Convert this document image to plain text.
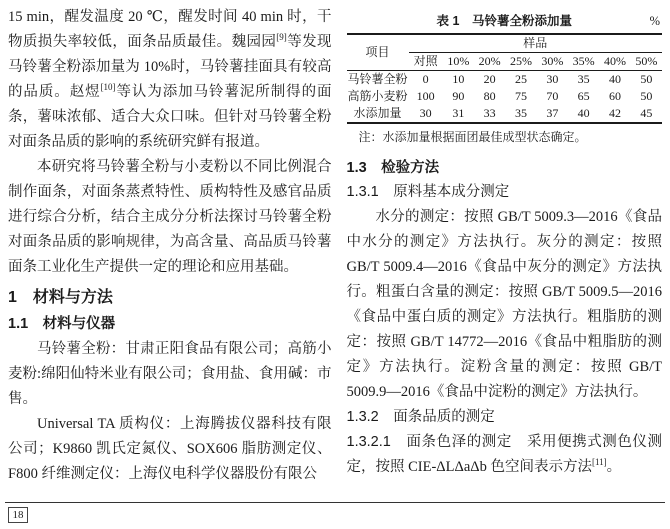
15 min，醒发温度 20 ℃，醒发时间 40 min 时，干物质损失率较低，面条品质最佳。魏园园[9]等发现马铃薯全粉添加量为 10%时，马铃薯挂面具有较高的品质。赵煜[10]等认为添加马铃薯泥所制得的面条，薯味浓郁、适合大众口味。但针对马铃薯全粉对面条品质的影响的系统研究鲜有报道。

本研究将马铃薯全粉与小麦粉以不同比例混合制作面条，对面条蒸煮特性、质构特性及感官品质进行综合分析，结合主成分分析法探讨马铃薯全粉对面条品质的影响规律，为高含量、高品质马铃薯面条工业化生产提供一定的理论和应用基础。

1　材料与方法
1.1　材料与仪器

马铃薯全粉：甘肃正阳食品有限公司；高筋小麦粉:绵阳仙特米业有限公司；食用盐、食用碱：市售。

Universal TA 质构仪：上海腾拔仪器科技有限公司；K9860 凯氏定氮仪、SOX606 脂肪测定仪、F800 纤维测定仪：上海仪电科学仪器股份有限公

表 1　马铃薯全粉添加量	%
项目	样品							
	对照	10%	20%	25%	30%	35%	40%	50%
马铃薯全粉	0	10	20	25	30	35	40	50
高筋小麦粉	100	90	80	75	70	65	60	50
水添加量	30	31	33	35	37	40	42	45
注：水添加量根据面团最佳成型状态确定。
1.3　检验方法
1.3.1　原料基本成分测定

水分的测定：按照 GB/T 5009.3—2016《食品中水分的测定》方法执行。灰分的测定：按照 GB/T 5009.4—2016《食品中灰分的测定》方法执行。粗蛋白含量的测定：按照 GB/T 5009.5—2016《食品中蛋白质的测定》方法执行。粗脂肪的测定：按照 GB/T 14772—2016《食品中粗脂肪的测定》方法执行。淀粉含量的测定：按照 GB/T 5009.9—2016《食品中淀粉的测定》方法执行。

1.3.2　面条品质的测定

1.3.2.1　面条色泽的测定　采用便携式测色仪测定，按照 CIE-ΔLΔaΔb 色空间表示方法[11]。

18
